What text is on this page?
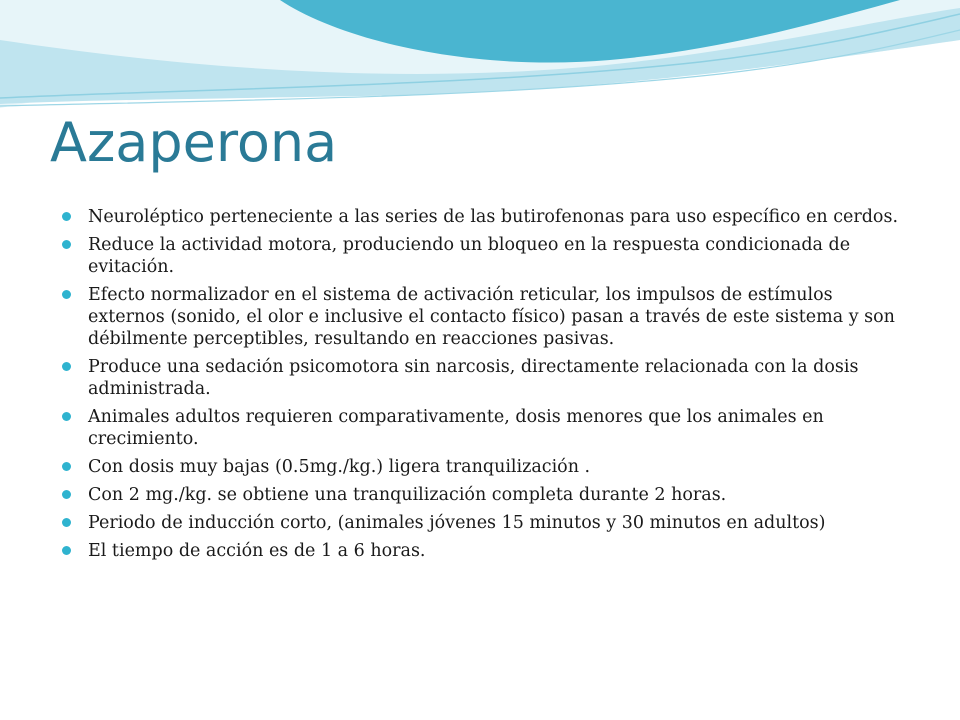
Azaperona
Neuroléptico perteneciente a las series de las butirofenonas para uso específico en cerdos.
Reduce la actividad motora, produciendo un bloqueo en la respuesta condicionada de evitación.
Efecto normalizador en el sistema de activación reticular, los impulsos de estímulos externos (sonido, el olor e inclusive el contacto físico) pasan a través de este sistema y son débilmente perceptibles, resultando en reacciones pasivas.
Produce una sedación psicomotora sin narcosis, directamente relacionada con la dosis administrada.
Animales adultos requieren comparativamente, dosis menores que los animales en crecimiento.
Con dosis muy bajas (0.5mg./kg.) ligera tranquilización .
Con 2 mg./kg. se obtiene una tranquilización completa durante 2 horas.
Periodo de inducción corto, (animales jóvenes 15 minutos y 30 minutos en adultos)
El tiempo de acción es de 1 a 6 horas.
